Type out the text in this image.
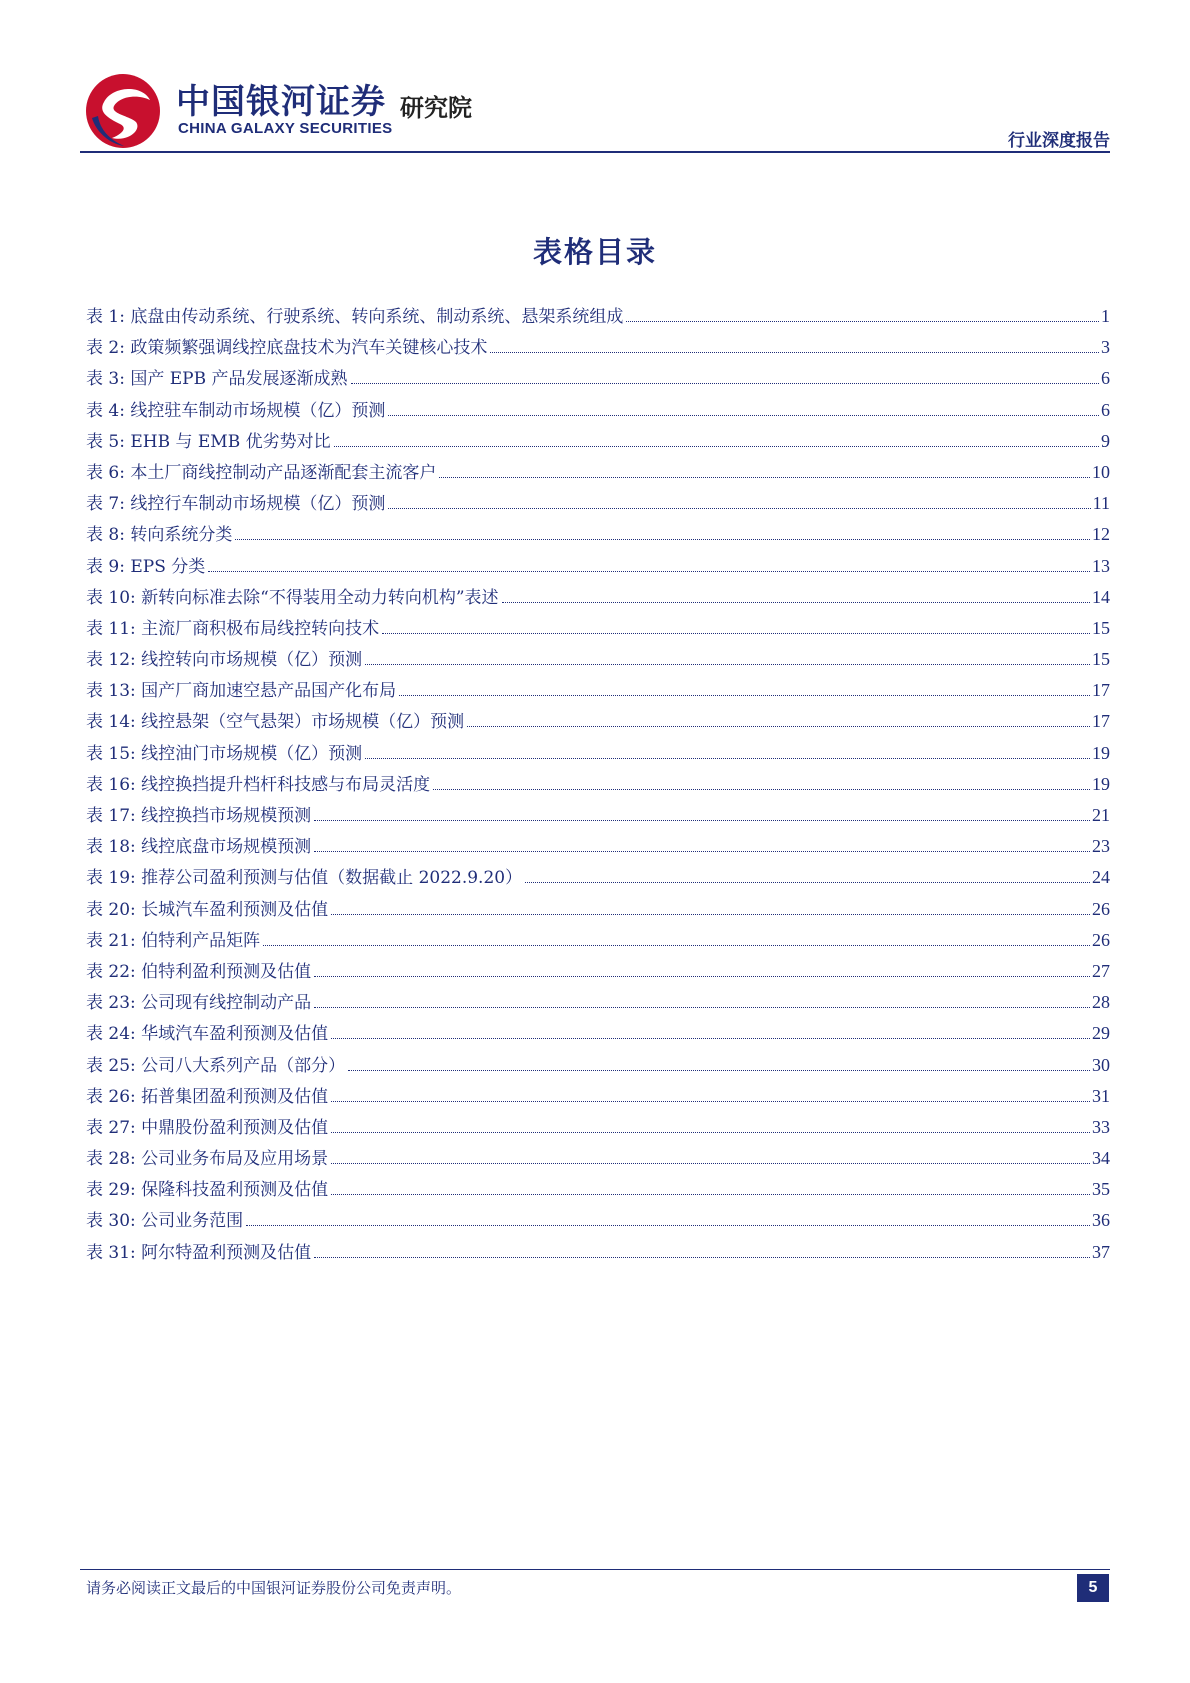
中国银河证券
CHINA GALAXY SECURITIES
研究院
行业深度报告
表格目录
表 1: 底盘由传动系统、行驶系统、转向系统、制动系统、悬架系统组成	1
表 2: 政策频繁强调线控底盘技术为汽车关键核心技术	3
表 3: 国产 EPB 产品发展逐渐成熟	6
表 4: 线控驻车制动市场规模（亿）预测	6
表 5: EHB 与 EMB 优劣势对比	9
表 6: 本土厂商线控制动产品逐渐配套主流客户	10
表 7: 线控行车制动市场规模（亿）预测	11
表 8: 转向系统分类	12
表 9: EPS 分类	13
表 10: 新转向标准去除“不得装用全动力转向机构”表述	14
表 11: 主流厂商积极布局线控转向技术	15
表 12: 线控转向市场规模（亿）预测	15
表 13: 国产厂商加速空悬产品国产化布局	17
表 14: 线控悬架（空气悬架）市场规模（亿）预测	17
表 15: 线控油门市场规模（亿）预测	19
表 16: 线控换挡提升档杆科技感与布局灵活度	19
表 17: 线控换挡市场规模预测	21
表 18: 线控底盘市场规模预测	23
表 19: 推荐公司盈利预测与估值（数据截止 2022.9.20）	24
表 20: 长城汽车盈利预测及估值	26
表 21: 伯特利产品矩阵	26
表 22: 伯特利盈利预测及估值	27
表 23: 公司现有线控制动产品	28
表 24: 华域汽车盈利预测及估值	29
表 25: 公司八大系列产品（部分）	30
表 26: 拓普集团盈利预测及估值	31
表 27: 中鼎股份盈利预测及估值	33
表 28: 公司业务布局及应用场景	34
表 29: 保隆科技盈利预测及估值	35
表 30: 公司业务范围	36
表 31: 阿尔特盈利预测及估值	37
请务必阅读正文最后的中国银河证券股份公司免责声明。	5
